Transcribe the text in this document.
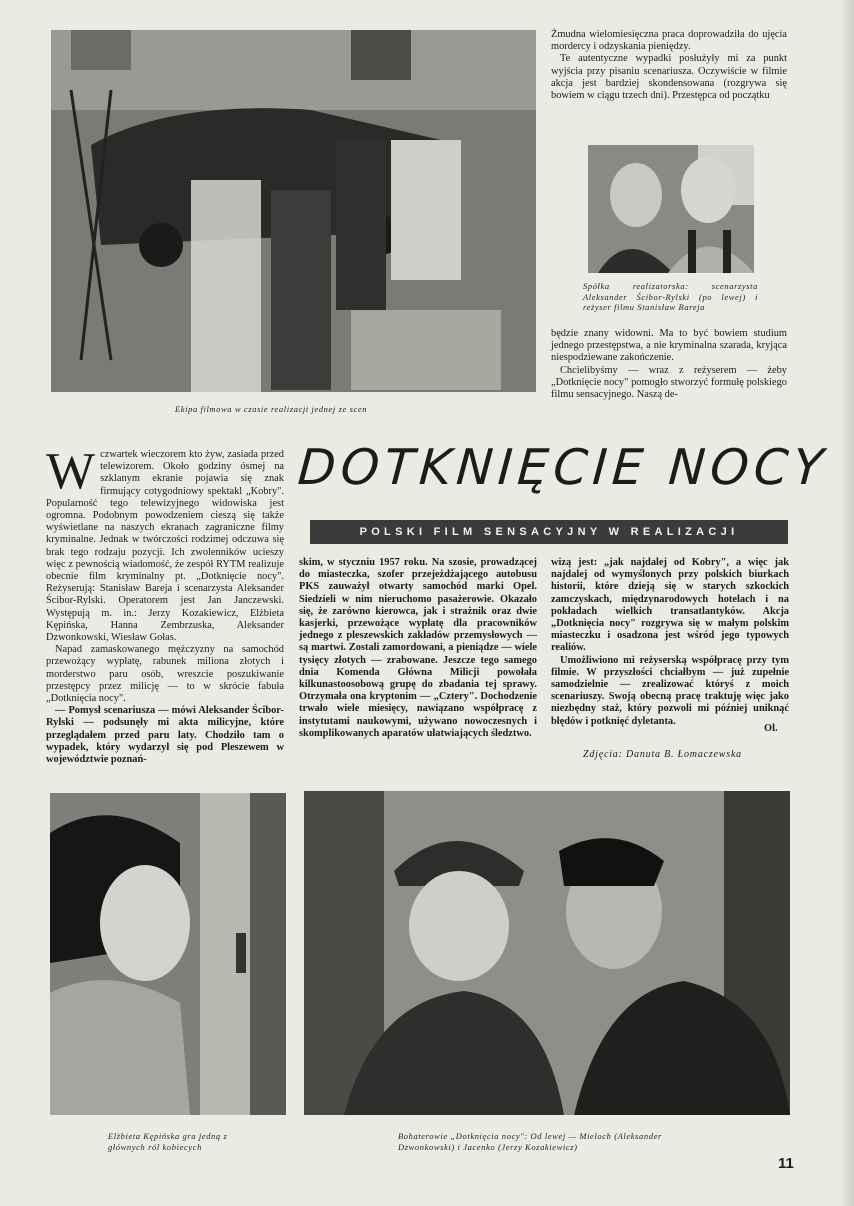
Ekipa filmowa w czasie realizacji jednej ze scen

Żmudna wielomiesięczna praca doprowadziła do ujęcia mordercy i odzyskania pieniędzy.

Te autentyczne wypadki posłużyły mi za punkt wyjścia przy pisaniu scenariusza. Oczywiście w filmie akcja jest bardziej skondensowana (rozgrywa się bowiem w ciągu trzech dni). Przestępca od początku

Spółka realizatorska: scenarzysta Aleksander Ścibor-Rylski (po lewej) i reżyser filmu Stanisław Bareja

będzie znany widowni. Ma to być bowiem studium jednego przestępstwa, a nie kryminalna szarada, kryjąca niespodziewane zakończenie.

Chcielibyśmy — wraz z reżyserem — żeby „Dotknięcie nocy" pomogło stworzyć formułę polskiego filmu sensacyjnego. Naszą de-

DOTKNIĘCIE NOCY
POLSKI FILM SENSACYJNY W REALIZACJI

Wczwartek wieczorem kto żyw, zasiada przed telewizorem. Około godziny ósmej na szklanym ekranie pojawia się znak firmujący cotygodniowy spektakl „Kobry". Popularność tego telewizyjnego widowiska jest ogromna. Podobnym powodzeniem cieszą się także wyświetlane na naszych ekranach zagraniczne filmy kryminalne. Jednak w twórczości rodzimej odczuwa się brak tego rodzaju pozycji. Ich zwolenników ucieszy więc z pewnością wiadomość, że zespół RYTM realizuje obecnie film kryminalny pt. „Dotknięcie nocy". Reżyserują: Stanisław Bareja i scenarzysta Aleksander Ścibor-Rylski. Operatorem jest Jan Janczewski. Występują m. in.: Jerzy Kozakiewicz, Elżbieta Kępińska, Hanna Zembrzuska, Aleksander Dzwonkowski, Wiesław Gołas.

Napad zamaskowanego mężczyzny na samochód przewożący wypłatę, rabunek miliona złotych i morderstwo paru osób, wreszcie poszukiwanie przestępcy przez milicję — to w skrócie fabuła „Dotknięcia nocy".

— Pomysł scenariusza — mówi Aleksander Ścibor-Rylski — podsunęły mi akta milicyjne, które przeglądałem przed paru laty. Chodziło tam o wypadek, który wydarzył się pod Pleszewem w województwie poznań-

skim, w styczniu 1957 roku. Na szosie, prowadzącej do miasteczka, szofer przejeżdżającego autobusu PKS zauważył otwarty samochód marki Opel. Siedzieli w nim nieruchomo pasażerowie. Okazało się, że zarówno kierowca, jak i strażnik oraz dwie kasjerki, przewożące wypłatę dla pracowników jednego z pleszewskich zakładów przemysłowych — są martwi. Zostali zamordowani, a pieniądze — wiele tysięcy złotych — zrabowane. Jeszcze tego samego dnia Komenda Główna Milicji powołała kilkunastoosobową grupę do zbadania tej sprawy. Otrzymała ona kryptonim — „Cztery". Dochodzenie trwało wiele miesięcy, nawiązano współpracę z instytutami naukowymi, używano nowoczesnych i skomplikowanych aparatów ułatwiających śledztwo.

wizą jest: „jak najdalej od Kobry", a więc jak najdalej od wymyślonych przy polskich biurkach historii, które dzieją się w starych szkockich zamczyskach, międzynarodowych hotelach i na pokładach wielkich transatlantyków. Akcja „Dotknięcia nocy" rozgrywa się w małym polskim miasteczku i osadzona jest wśród jego typowych realiów.

Umożliwiono mi reżyserską współpracę przy tym filmie. W przyszłości chciałbym — już zupełnie samodzielnie — zrealizować któryś z moich scenariuszy. Swoją obecną pracę traktuję więc jako niezbędny staż, który pozwoli mi później uniknąć błędów i potknięć dyletanta.

Ol.
Zdjęcia: Danuta B. Łomaczewska
Elżbieta Kępińska gra jedną z głównych ról kobiecych
Bohaterowie „Dotknięcia nocy": Od lewej — Mieloch (Aleksander Dzwonkowski) i Jacenko (Jerzy Kozakiewicz)
11
